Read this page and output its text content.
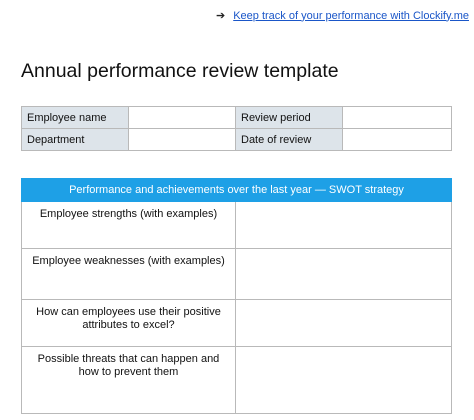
➔ Keep track of your performance with Clockify.me
Annual performance review template
Employee name		Review period	
Department		Date of review	
Performance and achievements over the last year — SWOT strategy	
Employee strengths (with examples)	
Employee weaknesses (with examples)	
How can employees use their positive attributes to excel?	
Possible threats that can happen and how to prevent them	
